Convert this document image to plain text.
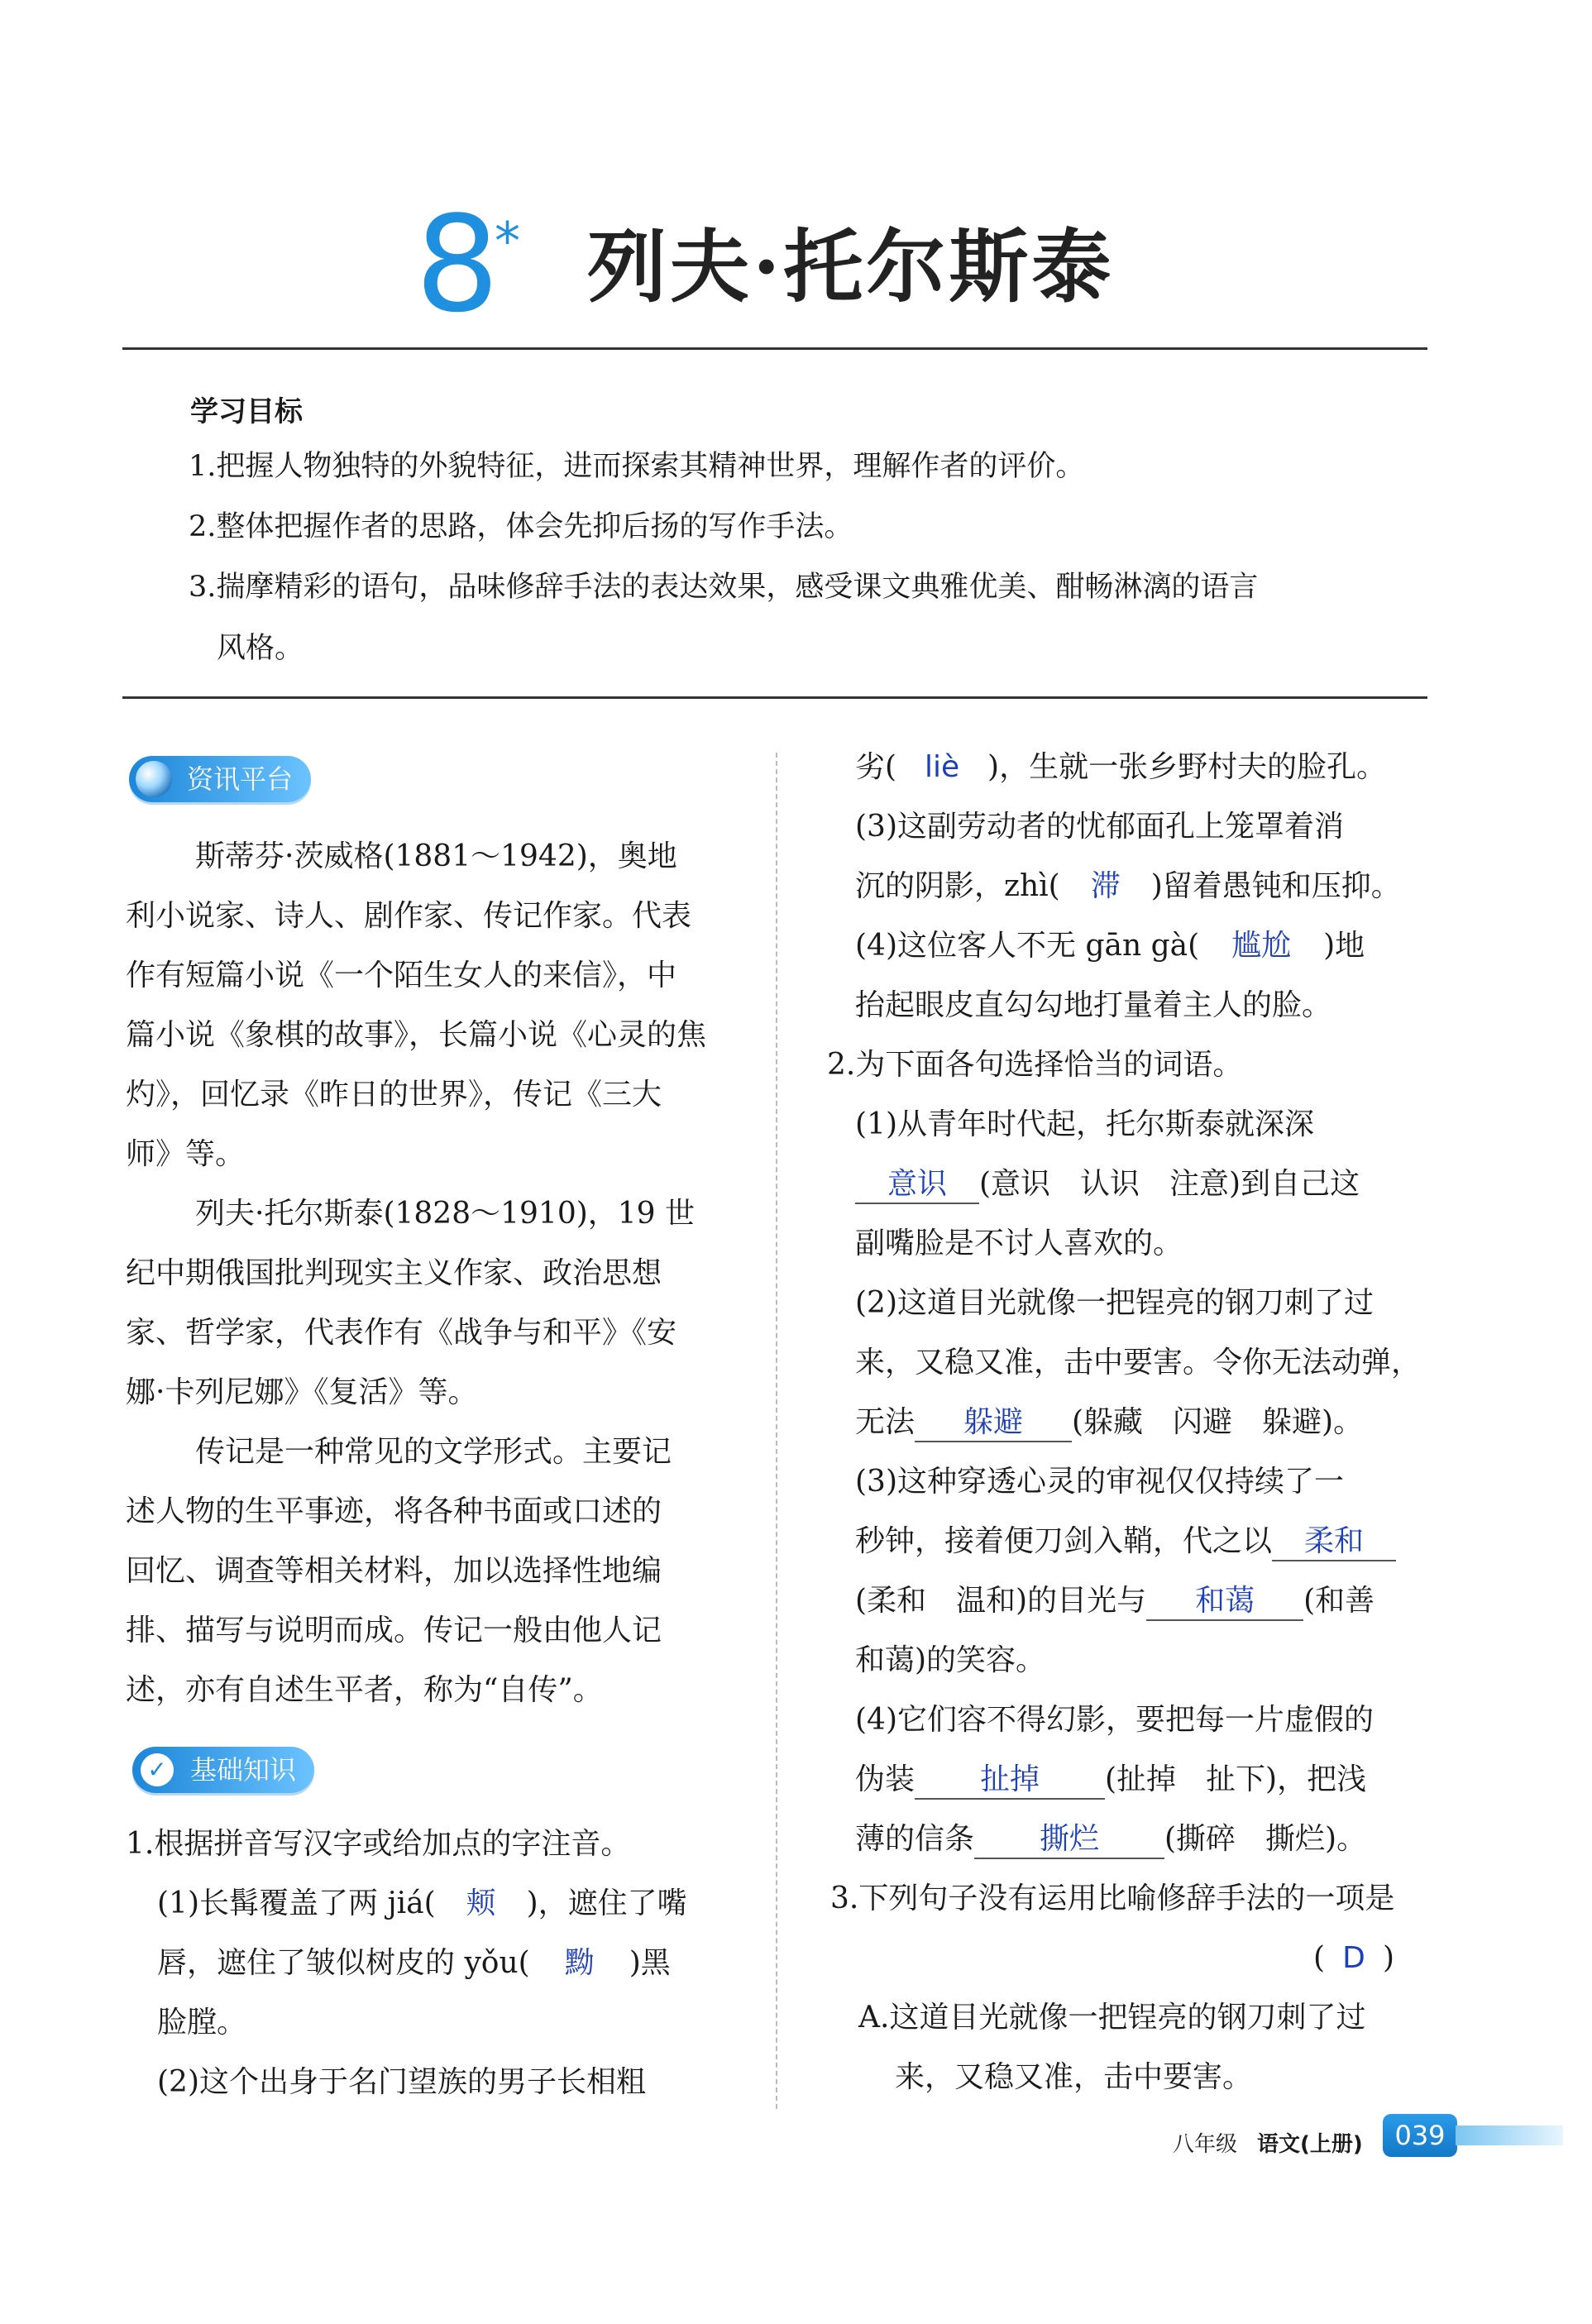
8
* 列夫·托尔斯泰
学习目标
1.把握人物独特的外貌特征，进而探索其精神世界，理解作者的评价。
2.整体把握作者的思路，体会先抑后扬的写作手法。
3.揣摩精彩的语句，品味修辞手法的表达效果，感受课文典雅优美、酣畅淋漓的语言
风格。
资讯平台
斯蒂芬·茨威格(1881～1942)，奥地
利小说家、诗人、剧作家、传记作家。代表
作有短篇小说《一个陌生女人的来信》，中
篇小说《象棋的故事》，长篇小说《心灵的焦
灼》，回忆录《昨日的世界》，传记《三大
师》等。
列夫·托尔斯泰(1828～1910)，19 世
纪中期俄国批判现实主义作家、政治思想
家、哲学家，代表作有《战争与和平》《安
娜·卡列尼娜》《复活》等。
传记是一种常见的文学形式。主要记
述人物的生平事迹，将各种书面或口述的
回忆、调查等相关材料，加以选择性地编
排、描写与说明而成。传记一般由他人记
述，亦有自述生平者，称为“自传”。
✓ 基础知识
1.根据拼音写汉字或给加点的字注音。
(1)长髯覆盖了两 jiá( 颊 )，遮住了嘴
唇，遮住了皱似树皮的 yǒu( 黝 )黑
脸膛。
(2)这个出身于名门望族的男子长相粗
劣( liè )，生就一张乡野村夫的脸孔。
(3)这副劳动者的忧郁面孔上笼罩着消
沉的阴影，zhì( 滞 )留着愚钝和压抑。
(4)这位客人不无 gān gà( 尴尬 )地
抬起眼皮直勾勾地打量着主人的脸。
2.为下面各句选择恰当的词语。
(1)从青年时代起，托尔斯泰就深深
意识 (意识　认识　注意)到自己这
副嘴脸是不讨人喜欢的。
(2)这道目光就像一把锃亮的钢刀刺了过
来，又稳又准，击中要害。令你无法动弹，
无法 躲避 (躲藏　闪避　躲避)。
(3)这种穿透心灵的审视仅仅持续了一
秒钟，接着便刀剑入鞘，代之以 柔和
(柔和　温和)的目光与 和蔼 (和善
和蔼)的笑容。
(4)它们容不得幻影，要把每一片虚假的
伪装 扯掉 (扯掉　扯下)，把浅
薄的信条 撕烂 (撕碎　撕烂)。
3.下列句子没有运用比喻修辞手法的一项是
( D )
A.这道目光就像一把锃亮的钢刀刺了过
来，又稳又准，击中要害。
八年级 语文(上册)	039
